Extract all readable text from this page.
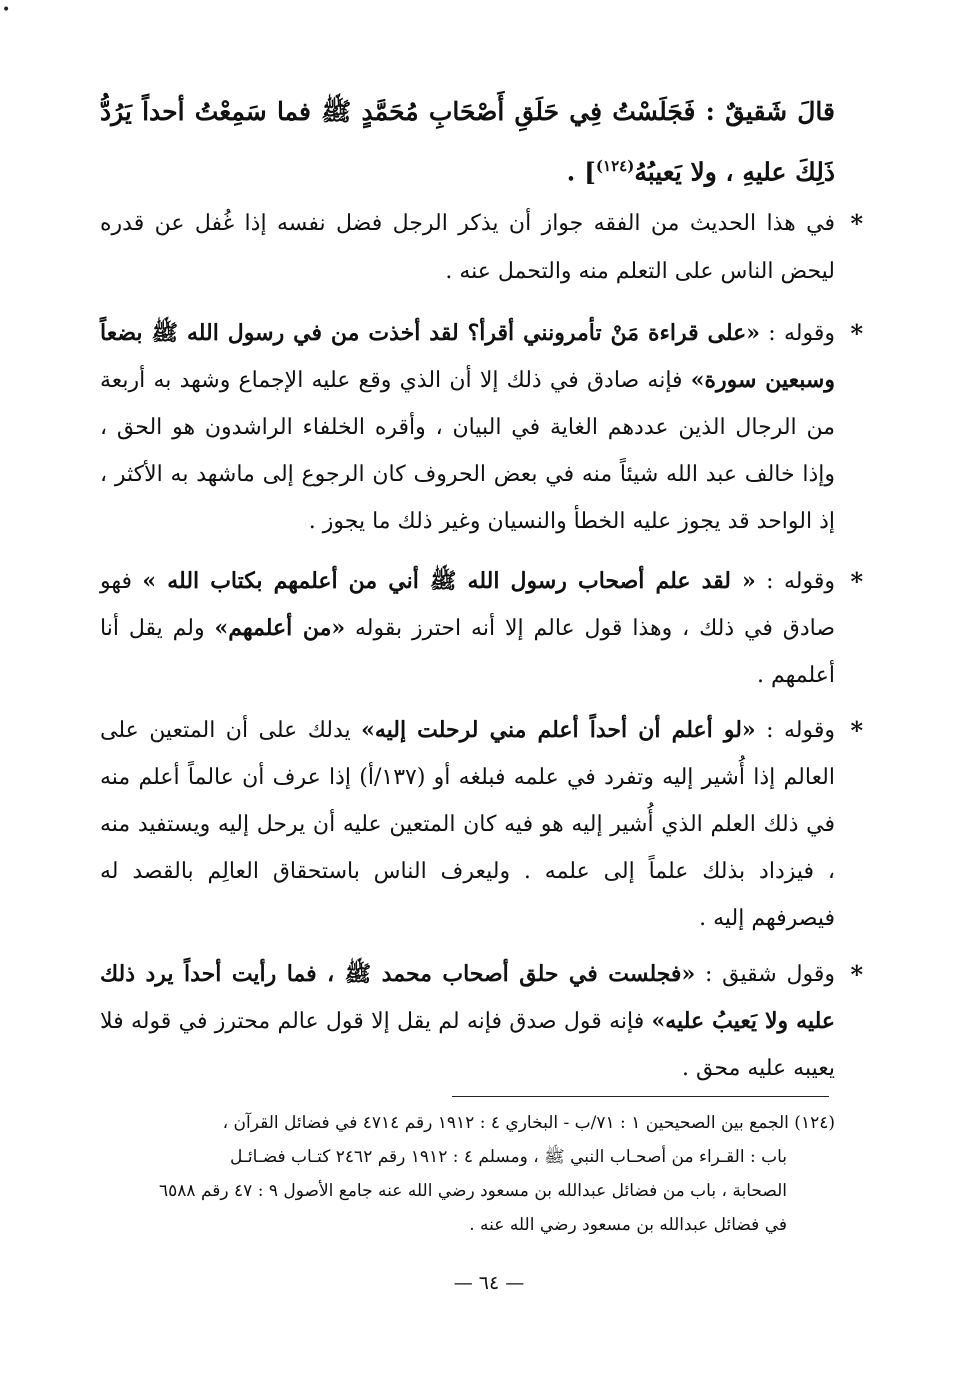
•
قالَ شَقيقٌ : فَجَلَسْتُ فِي حَلَقِ أَصْحَابِ مُحَمَّدٍ ﷺ فما سَمِعْتُ أحداً يَرُدُّ ذَلِكَ عليهِ ، ولا يَعيبُهُ$^{(١٢٤)}$] .
*
في هذا الحديث من الفقه جواز أن يذكر الرجل فضل نفسه إذا غُفل عن قدره ليحض الناس على التعلم منه والتحمل عنه .
*
وقوله : «على قراءة مَنْ تأمرونني أقرأ؟ لقد أخذت من في رسول الله ﷺ بضعاً وسبعين سورة» فإنه صادق في ذلك إلا أن الذي وقع عليه الإجماع وشهد به أربعة من الرجال الذين عددهم الغاية في البيان ، وأقره الخلفاء الراشدون هو الحق ، وإذا خالف عبد الله شيئاً منه في بعض الحروف كان الرجوع إلى ماشهد به الأكثر ، إذ الواحد قد يجوز عليه الخطأ والنسيان وغير ذلك ما يجوز .
*
وقوله : « لقد علم أصحاب رسول الله ﷺ أني من أعلمهم بكتاب الله » فهو صادق في ذلك ، وهذا قول عالم إلا أنه احترز بقوله «من أعلمهم» ولم يقل أنا أعلمهم .
*
وقوله : «لو أعلم أن أحداً أعلم مني لرحلت إليه» يدلك على أن المتعين على العالم إذا أُشير إليه وتفرد في علمه فبلغه أو (١٣٧/أ) إذا عرف أن عالماً أعلم منه في ذلك العلم الذي أُشير إليه هو فيه كان المتعين عليه أن يرحل إليه ويستفيد منه ، فيزداد بذلك علماً إلى علمه . وليعرف الناس باستحقاق العالِم بالقصد له فيصرفهم إليه .
*
وقول شقيق : «فجلست في حلق أصحاب محمد ﷺ ، فما رأيت أحداً يرد ذلك عليه ولا يَعيبُ عليه» فإنه قول صدق فإنه لم يقل إلا قول عالم محترز في قوله فلا يعيبه عليه محق .
(١٢٤) الجمع بين الصحيحين ١ : ٧١/ب - البخاري ٤ : ١٩١٢ رقم ٤٧١٤ في فضائل القرآن ،
باب : القـراء من أصحـاب النبي ﷺ ، ومسلم ٤ : ١٩١٢ رقم ٢٤٦٢ كتـاب فضـائـل
الصحابة ، باب من فضائل عبدالله بن مسعود رضي الله عنه جامع الأصول ٩ : ٤٧ رقم ٦٥٨٨
في فضائل عبدالله بن مسعود رضي الله عنه .
— ٦٤ —
